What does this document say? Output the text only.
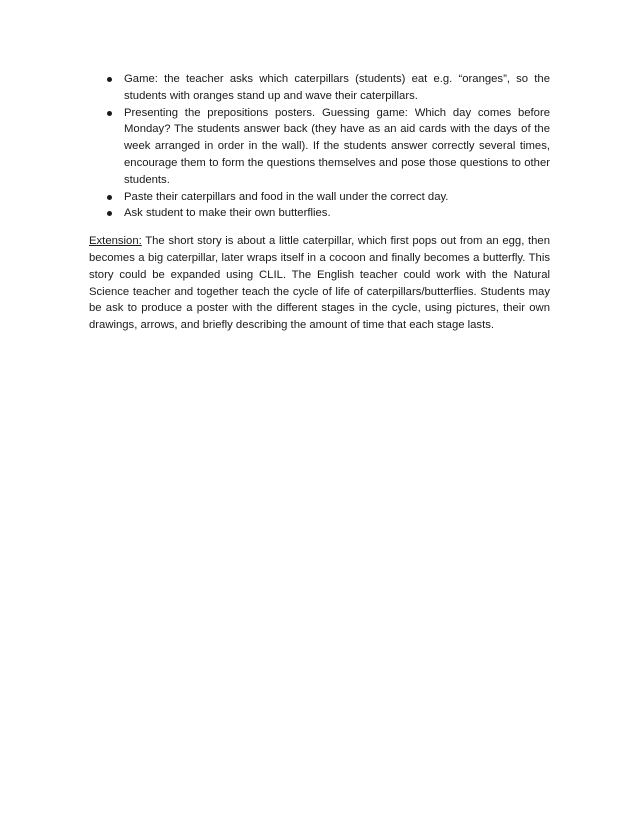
Game: the teacher asks which caterpillars (students) eat e.g. “oranges”, so the students with oranges stand up and wave their caterpillars.
Presenting the prepositions posters. Guessing game: Which day comes before Monday? The students answer back (they have as an aid cards with the days of the week arranged in order in the wall). If the students answer correctly several times, encourage them to form the questions themselves and pose those questions to other students.
Paste their caterpillars and food in the wall under the correct day.
Ask student to make their own butterflies.

Extension: The short story is about a little caterpillar, which first pops out from an egg, then becomes a big caterpillar, later wraps itself in a cocoon and finally becomes a butterfly. This story could be expanded using CLIL. The English teacher could work with the Natural Science teacher and together teach the cycle of life of caterpillars/butterflies. Students may be ask to produce a poster with the different stages in the cycle, using pictures, their own drawings, arrows, and briefly describing the amount of time that each stage lasts.
